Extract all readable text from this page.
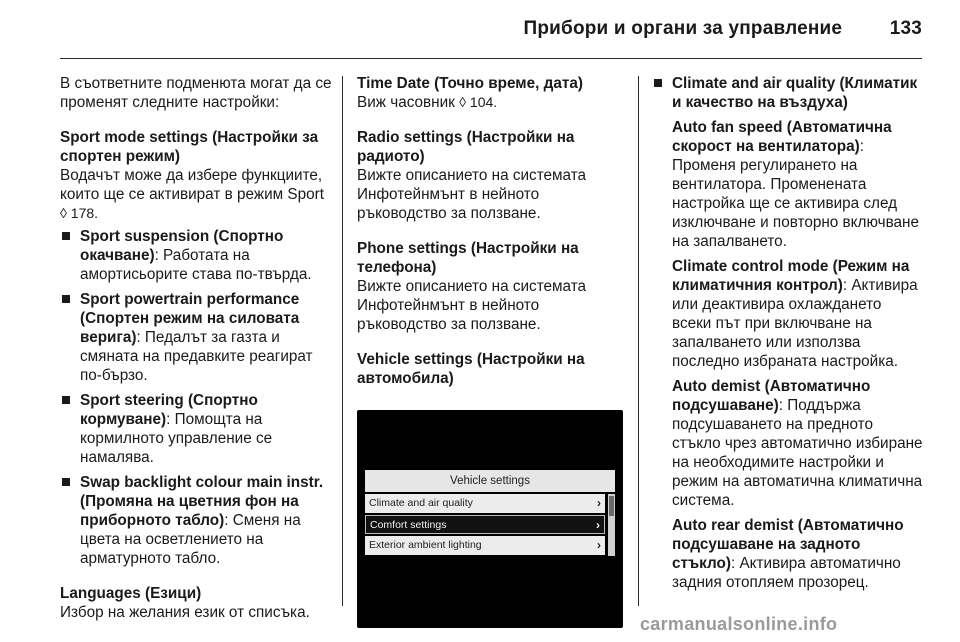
Прибори и органи за управление 133
В съответните подменюта могат да се променят следните настройки:
Sport mode settings (Настройки за спортен режим)
Водачът може да избере функциите, които ще се активират в режим Sport ◊ 178.
Sport suspension (Спортно окачване): Работата на амортисьорите става по-твърда.
Sport powertrain performance (Спортен режим на силовата верига): Педалът за газта и смяната на предавките реагират по-бързо.
Sport steering (Спортно кормуване): Помощта на кормилното управление се намалява.
Swap backlight colour main instr. (Промяна на цветния фон на приборното табло): Сменя на цвета на осветлението на арматурното табло.
Languages (Езици)
Избор на желания език от списъка.
Time Date (Точно време, дата)
Виж часовник ◊ 104.
Radio settings (Настройки на радиото)
Вижте описанието на системата Инфотейнмънт в нейното ръководство за ползване.
Phone settings (Настройки на телефона)
Вижте описанието на системата Инфотейнмънт в нейното ръководство за ползване.
Vehicle settings (Настройки на автомобила)
Vehicle settings
Climate and air quality	›
Comfort settings	›
Exterior ambient lighting	›
Climate and air quality (Климатик и качество на въздуха)
Auto fan speed (Автоматична скорост на вентилатора): Променя регулирането на вентилатора. Променената настройка ще се активира след изключване и повторно включване на запалването.
Climate control mode (Режим на климатичния контрол): Активира или деактивира охлаждането всеки път при включване на запалването или използва последно избраната настройка.
Auto demist (Автоматично подсушаване): Поддържа подсушаването на предното стъкло чрез автоматично избиране на необходимите настройки и режим на автоматична климатична система.
Auto rear demist (Автоматично подсушаване на задното стъкло): Активира автоматично задния отопляем прозорец.
carmanualsonline.info
